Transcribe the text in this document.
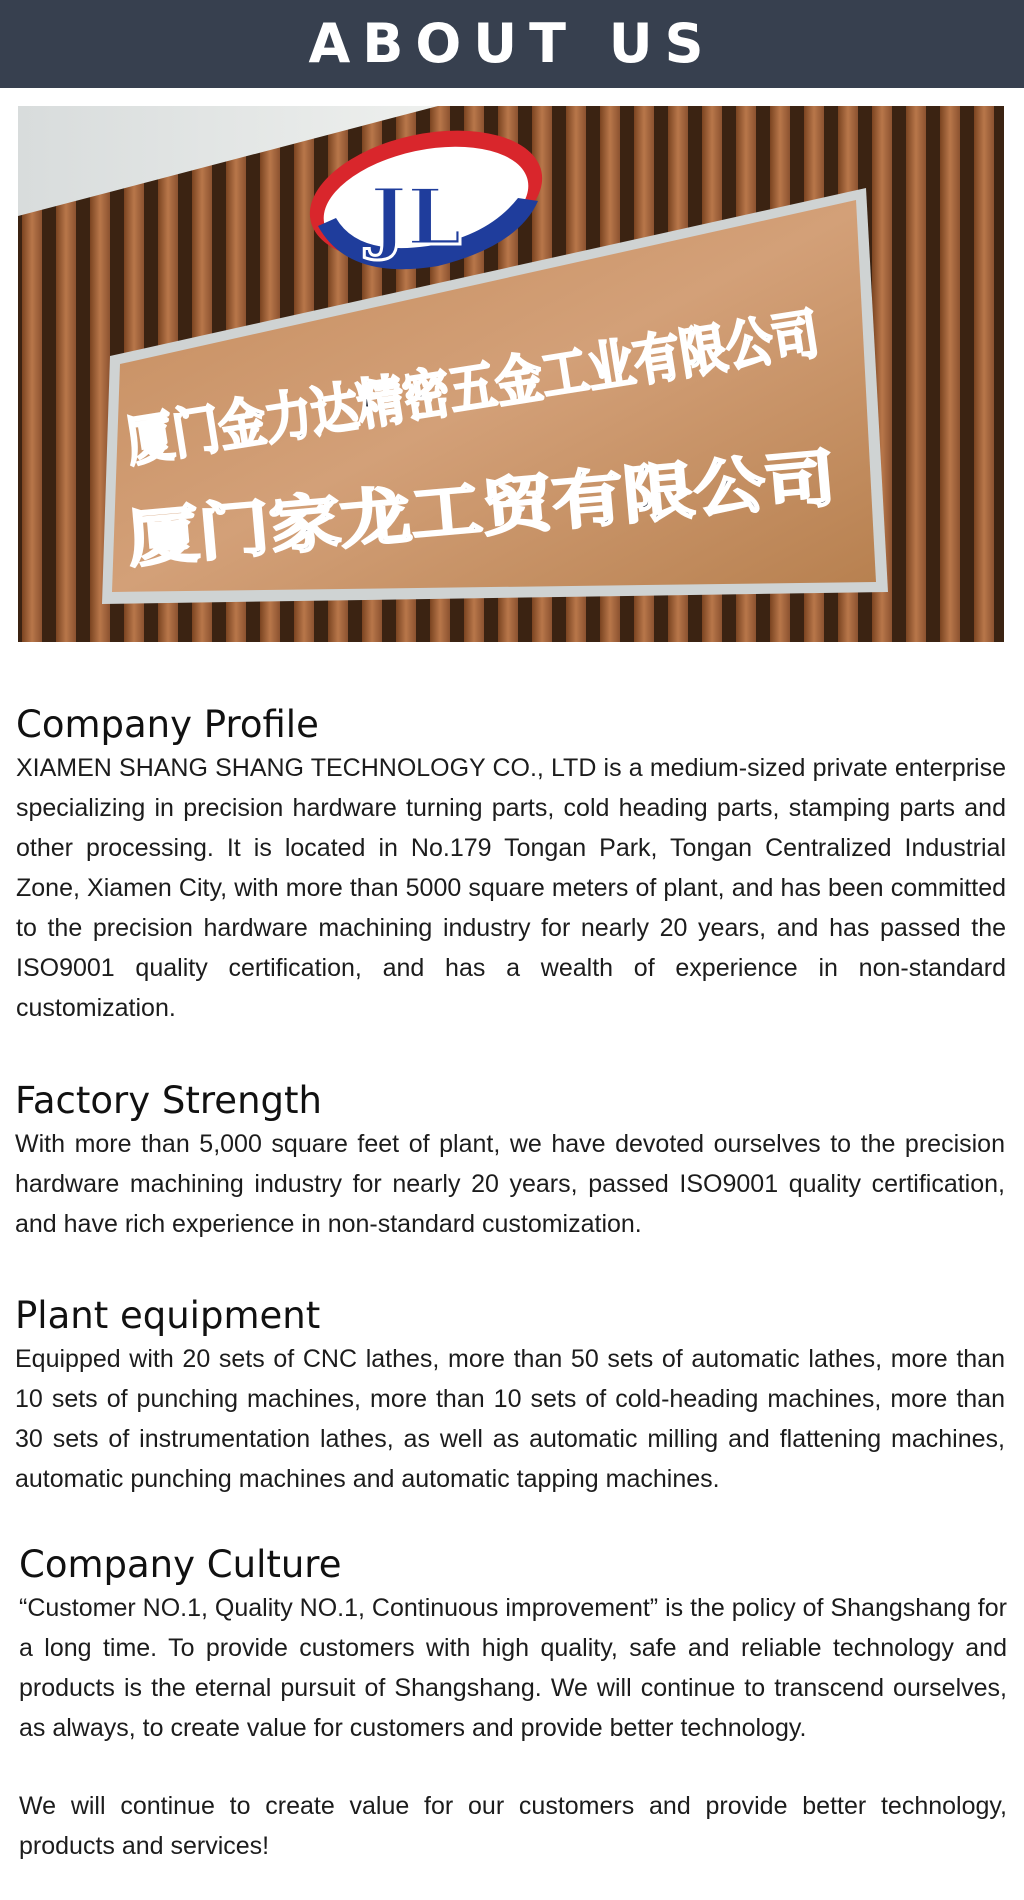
ABOUT US
JL
厦门金力达精密五金工业有限公司
厦门家龙工贸有限公司
Company Profile

XIAMEN SHANG SHANG TECHNOLOGY CO., LTD is a medium-sized private enterprise specializing in precision hardware turning parts, cold heading parts, stamping parts and other processing. It is located in No.179 Tongan Park, Tongan Centralized Industrial Zone, Xiamen City, with more than 5000 square meters of plant, and has been committed to the precision hardware machining industry for nearly 20 years, and has passed the ISO9001 quality certification, and has a wealth of experience in non-standard customization.

Factory Strength

With more than 5,000 square feet of plant, we have devoted ourselves to the precision hardware machining industry for nearly 20 years, passed ISO9001 quality certification, and have rich experience in non-standard customization.

Plant equipment

Equipped with 20 sets of CNC lathes, more than 50 sets of automatic lathes, more than 10 sets of punching machines, more than 10 sets of cold-heading machines, more than 30 sets of instrumentation lathes, as well as automatic milling and flattening machines, automatic punching machines and automatic tapping machines.

Company Culture

“Customer NO.1, Quality NO.1, Continuous improvement” is the policy of Shangshang for a long time. To provide customers with high quality, safe and reliable technology and products is the eternal pursuit of Shangshang. We will continue to transcend ourselves, as always, to create value for customers and provide better technology.

We will continue to create value for our customers and provide better technology, products and services!
